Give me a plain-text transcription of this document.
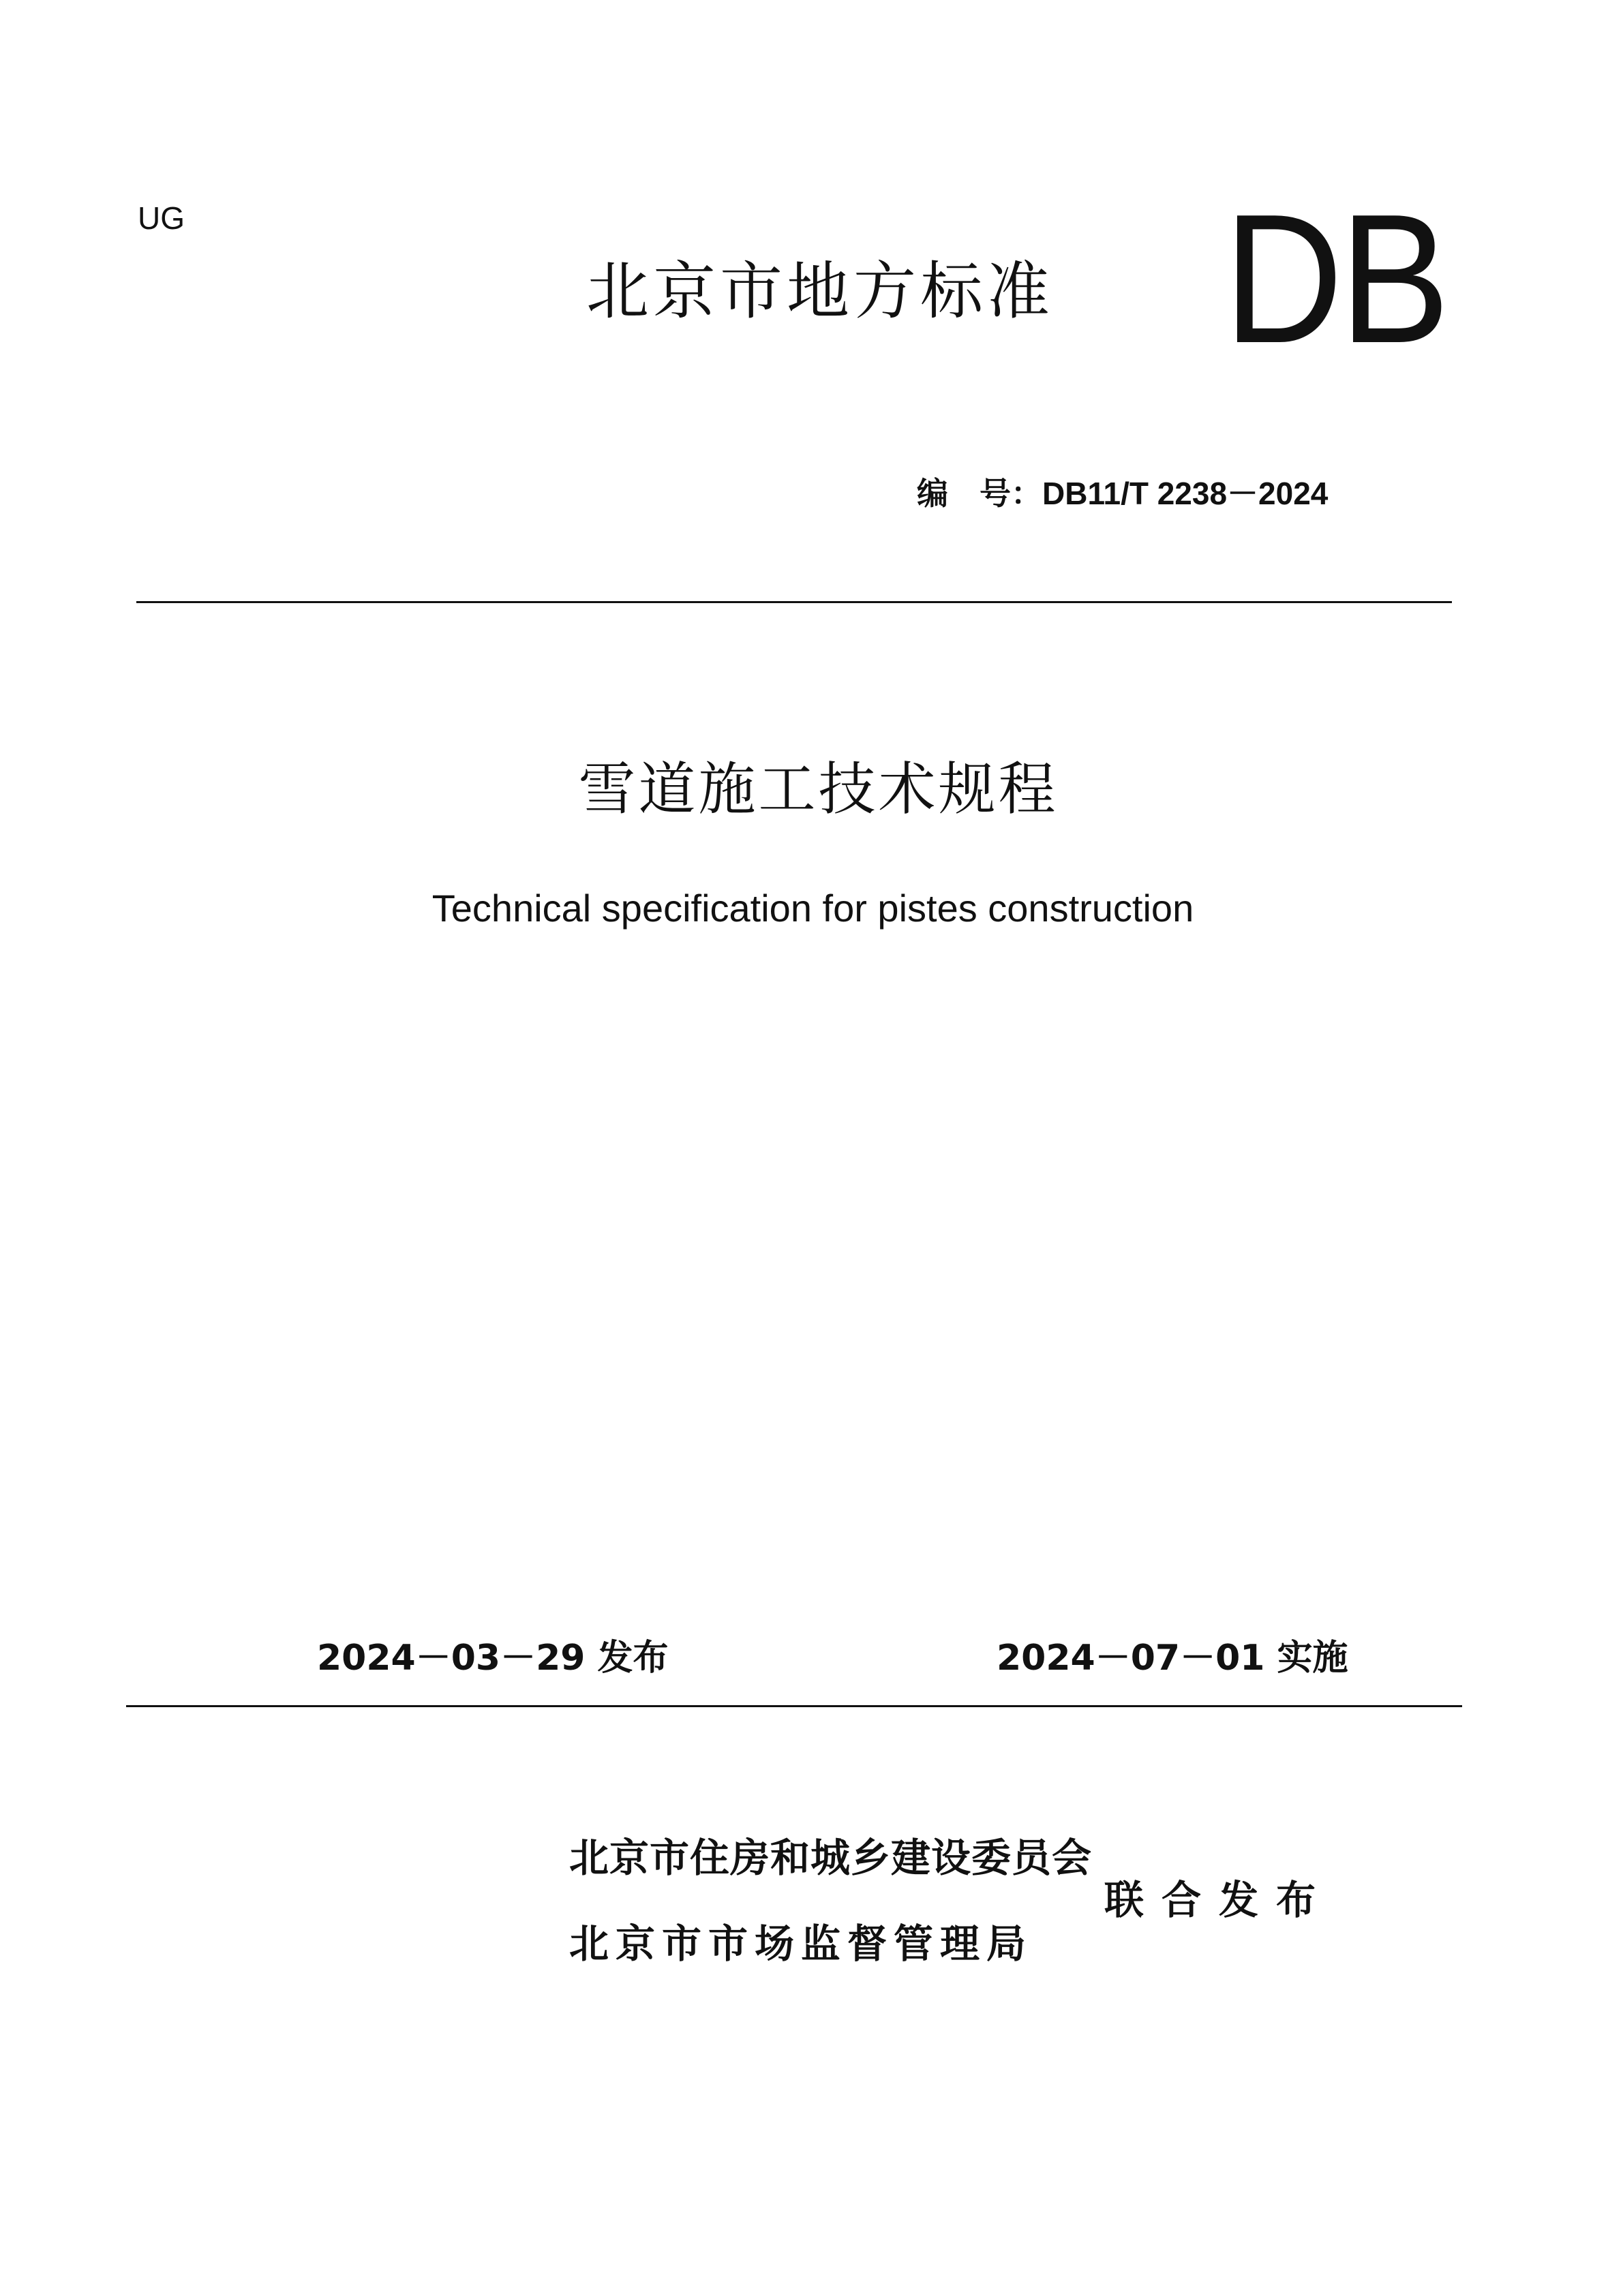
UG

北京市地方标准 DB

编　号：DB11/T 2238－2024

雪道施工技术规程

Technical specification for pistes construction

2024－03－29 发布	2024－07－01 实施

北京市住房和城乡建设委员会

北京市市场监督管理局

联合发布
